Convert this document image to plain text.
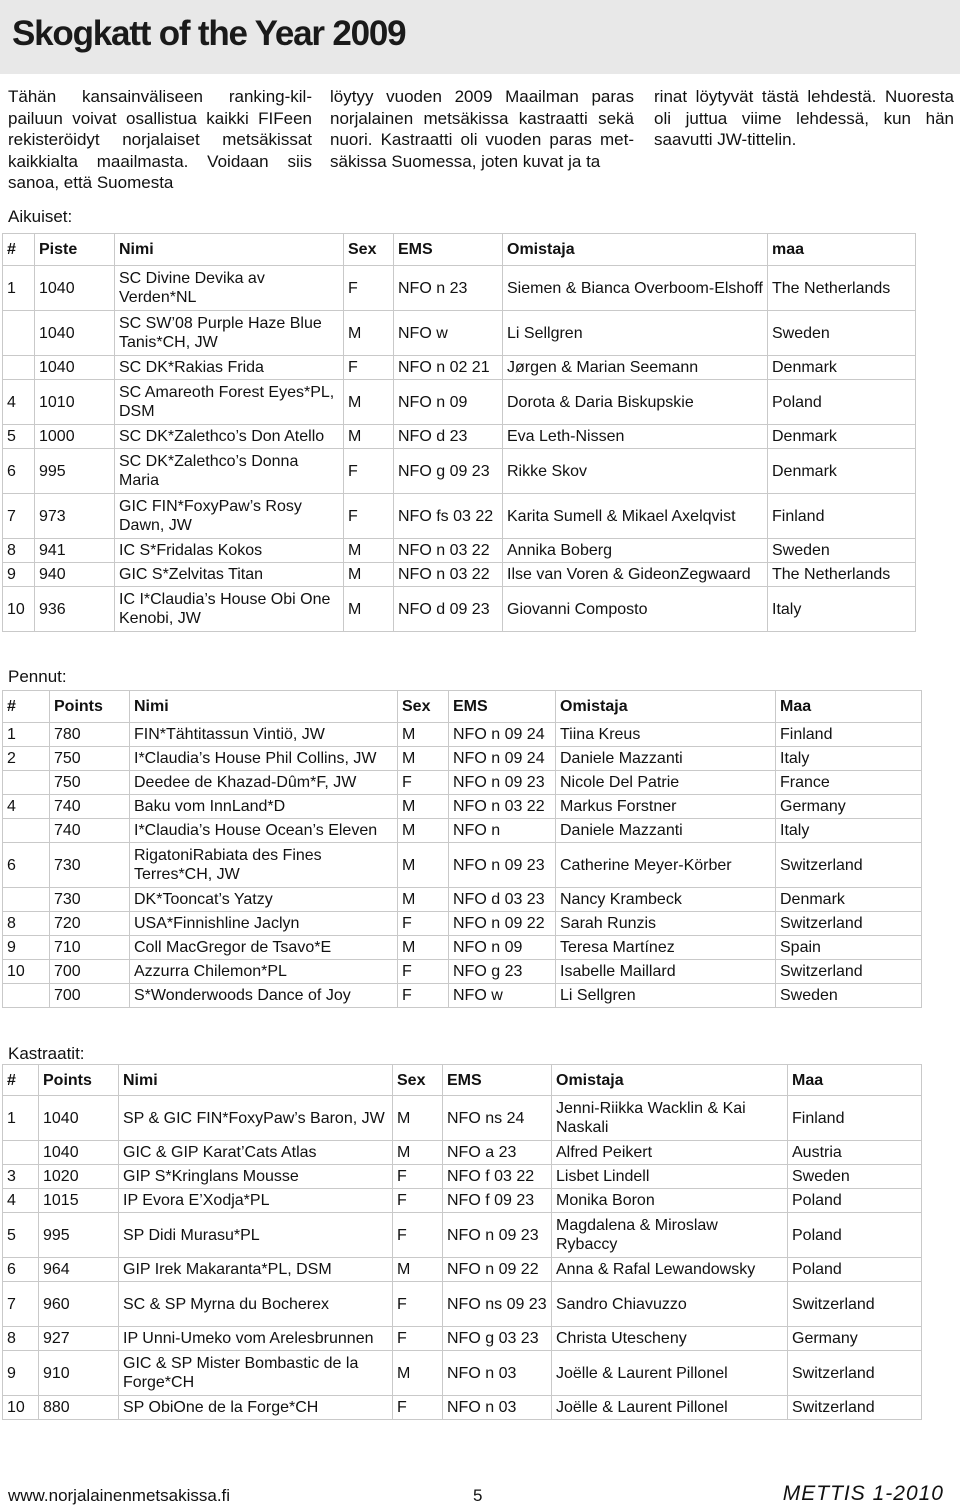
Skogkatt of the Year 2009
Tähän kansainväliseen ranking-kilpailuun voivat osallistua kaikki FIFeen rekisteröidyt norjalaiset metsäkissat kaikkialta maailmasta. Voidaan siis sanoa, että Suomesta
löytyy vuoden 2009 Maailman paras norjalainen metsäkissa kastraatti sekä nuori. Kastraatti oli vuoden paras metsäkissa Suomessa, joten kuvat ja ta
rinat löytyvät tästä lehdestä. Nuoresta oli juttua viime lehdessä, kun hän saavutti JW-tittelin.
Aikuiset:
#	Piste	Nimi	Sex	EMS	Omistaja	maa
1	1040	SC Divine Devika av Verden*NL	F	NFO n 23	Siemen & Bianca Overboom-Elshoff	The Netherlands
	1040	SC SW’08 Purple Haze Blue Tanis*CH, JW	M	NFO w	Li Sellgren	Sweden
	1040	SC DK*Rakias Frida	F	NFO n 02 21	Jørgen & Marian Seemann	Denmark
4	1010	SC Amareoth Forest Eyes*PL, DSM	M	NFO n 09	Dorota & Daria Biskupskie	Poland
5	1000	SC DK*Zalethco’s Don Atello	M	NFO d 23	Eva Leth-Nissen	Denmark
6	995	SC DK*Zalethco’s Donna Maria	F	NFO g 09 23	Rikke Skov	Denmark
7	973	GIC FIN*FoxyPaw’s Rosy Dawn, JW	F	NFO fs 03 22	Karita Sumell & Mikael Axelqvist	Finland
8	941	IC S*Fridalas Kokos	M	NFO n 03 22	Annika Boberg	Sweden
9	940	GIC S*Zelvitas Titan	M	NFO n 03 22	Ilse van Voren & GideonZegwaard	The Netherlands
10	936	IC I*Claudia’s House Obi One Kenobi, JW	M	NFO d 09 23	Giovanni Composto	Italy
Pennut:
#	Points	Nimi	Sex	EMS	Omistaja	Maa
1	780	FIN*Tähtitassun Vintiö, JW	M	NFO n 09 24	Tiina Kreus	Finland
2	750	I*Claudia’s House Phil Collins, JW	M	NFO n 09 24	Daniele Mazzanti	Italy
	750	Deedee de Khazad-Dûm*F, JW	F	NFO n 09 23	Nicole Del Patrie	France
4	740	Baku vom InnLand*D	M	NFO n 03 22	Markus Forstner	Germany
	740	I*Claudia’s House Ocean’s Eleven	M	NFO n	Daniele Mazzanti	Italy
6	730	RigatoniRabiata des Fines Terres*CH, JW	M	NFO n 09 23	Catherine Meyer-Körber	Switzerland
	730	DK*Tooncat’s Yatzy	M	NFO d 03 23	Nancy Krambeck	Denmark
8	720	USA*Finnishline Jaclyn	F	NFO n 09 22	Sarah Runzis	Switzerland
9	710	Coll MacGregor de Tsavo*E	M	NFO n 09	Teresa Martínez	Spain
10	700	Azzurra Chilemon*PL	F	NFO g 23	Isabelle Maillard	Switzerland
	700	S*Wonderwoods Dance of Joy	F	NFO w	Li Sellgren	Sweden
Kastraatit:
#	Points	Nimi	Sex	EMS	Omistaja	Maa
1	1040	SP & GIC FIN*FoxyPaw’s Baron, JW	M	NFO ns 24	Jenni-Riikka Wacklin & Kai Naskali	Finland
	1040	GIC & GIP Karat’Cats Atlas	M	NFO a 23	Alfred Peikert	Austria
3	1020	GIP S*Kringlans Mousse	F	NFO f 03 22	Lisbet Lindell	Sweden
4	1015	IP Evora E’Xodja*PL	F	NFO f 09 23	Monika Boron	Poland
5	995	SP Didi Murasu*PL	F	NFO n 09 23	Magdalena & Miroslaw Rybaccy	Poland
6	964	GIP Irek Makaranta*PL, DSM	M	NFO n 09 22	Anna & Rafal Lewandowsky	Poland
7	960	SC & SP Myrna du Bocherex	F	NFO ns 09 23	Sandro Chiavuzzo	Switzerland
8	927	IP Unni-Umeko vom Arelesbrunnen	F	NFO g 03 23	Christa Utescheny	Germany
9	910	GIC & SP Mister Bombastic de la Forge*CH	M	NFO n 03	Joëlle & Laurent Pillonel	Switzerland
10	880	SP ObiOne de la Forge*CH	F	NFO n 03	Joëlle & Laurent Pillonel	Switzerland
www.norjalainenmetsakissa.fi	5	METTIS 1-2010
